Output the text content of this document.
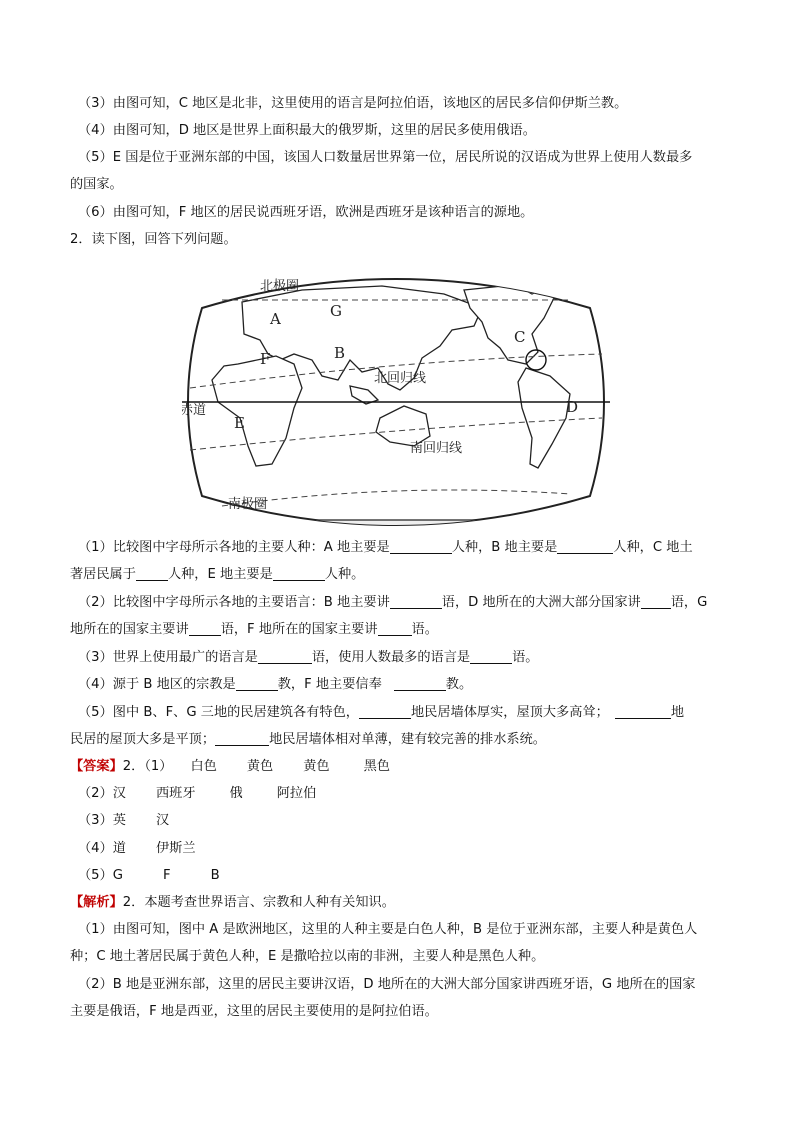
（3）由图可知，C 地区是北非，这里使用的语言是阿拉伯语，该地区的居民多信仰伊斯兰教。
（4）由图可知，D 地区是世界上面积最大的俄罗斯，这里的居民多使用俄语。
（5）E 国是位于亚洲东部的中国，该国人口数量居世界第一位，居民所说的汉语成为世界上使用人数最多
的国家。
（6）由图可知，F 地区的居民说西班牙语，欧洲是西班牙是该种语言的源地。
2．读下图，回答下列问题。
北极圈
北回归线
赤道
南回归线
南极圈
A	G
B
F
C
D
E
（1）比较图中字母所示各地的主要人种：A 地主要是	人种，B 地主要是	人种，C 地土
著居民属于 人种，E 地主要是	人种。
（2）比较图中字母所示各地的主要语言：B 地主要讲	语，D 地所在的大洲大部分国家讲 语，G
地所在的国家主要讲 语，F 地所在的国家主要讲	语。
（3）世界上使用最广的语言是	语，使用人数最多的语言是	语。
（4）源于 B 地区的宗教是	教，F 地主要信奉	教。
（5）图中 B、F、G 三地的民居建筑各有特色，	地民居墙体厚实，屋顶大多高耸；	地
民居的屋顶大多是平顶；	地民居墙体相对单薄，建有较完善的排水系统。
【答案】2．（1） 白色 黄色 黄色	黑色
（2）汉 西班牙	俄	阿拉伯
（3）英 汉
（4）道 伊斯兰
（5）G	F	B
【解析】2．本题考查世界语言、宗教和人种有关知识。
（1）由图可知，图中 A 是欧洲地区，这里的人种主要是白色人种，B 是位于亚洲东部，主要人种是黄色人
种；C 地土著居民属于黄色人种，E 是撒哈拉以南的非洲，主要人种是黑色人种。
（2）B 地是亚洲东部，这里的居民主要讲汉语，D 地所在的大洲大部分国家讲西班牙语，G 地所在的国家
主要是俄语，F 地是西亚，这里的居民主要使用的是阿拉伯语。
